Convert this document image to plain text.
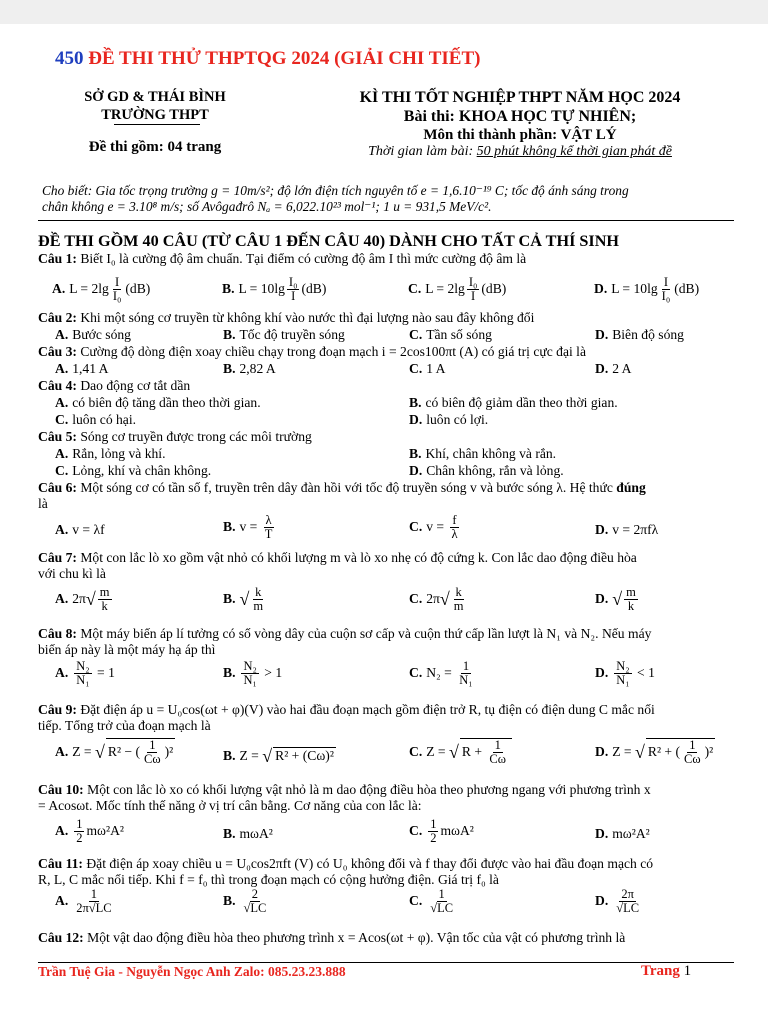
450 ĐỀ THI THỬ THPTQG 2024 (GIẢI CHI TIẾT)
SỞ GD & THÁI BÌNH
TRƯỜNG THPT
Đề thi gồm: 04 trang
KÌ THI TỐT NGHIỆP THPT NĂM HỌC 2024
Bài thi: KHOA HỌC TỰ NHIÊN;
Môn thi thành phần: VẬT LÝ
Thời gian làm bài: 50 phút không kể thời gian phát đề
Cho biết: Gia tốc trọng trường g = 10m/s²; độ lớn điện tích nguyên tố e = 1,6.10⁻¹⁹ C; tốc độ ánh sáng trong
chân không e = 3.10⁸ m/s; số Avôgađrô Nₐ = 6,022.10²³ mol⁻¹; 1 u = 931,5 MeV/c².
ĐỀ THI GỒM 40 CÂU (TỪ CÂU 1 ĐẾN CÂU 40) DÀNH CHO TẤT CẢ THÍ SINH
Câu 1: Biết I₀ là cường độ âm chuẩn. Tại điểm có cường độ âm I thì mức cường độ âm là
A. $L = 2\lg \frac{I}{\text{I₀}} (dB)$	B. $L = 10\lg \frac{\text{I₀}}{I} (dB)$	C. $L = 2\lg \frac{\text{I₀}}{I} (dB)$	D. $L = 10\lg \frac{I}{\text{I₀}} (dB)$
Câu 2: Khi một sóng cơ truyền từ không khí vào nước thì đại lượng nào sau đây không đổi
A. Bước sóng	B. Tốc độ truyền sóng	C. Tần số sóng	D. Biên độ sóng
Câu 3: Cường độ dòng điện xoay chiều chạy trong đoạn mạch i = 2cos100πt (A) có giá trị cực đại là
A. 1,41 A	B. 2,82 A	C. 1 A	D. 2 A
Câu 4: Dao động cơ tắt dần
A. có biên độ tăng dần theo thời gian.	B. có biên độ giảm dần theo thời gian.
C. luôn có hại.	D. luôn có lợi.
Câu 5: Sóng cơ truyền được trong các môi trường
A. Rắn, lỏng và khí.	B. Khí, chân không và rắn.
C. Lỏng, khí và chân không.	D. Chân không, rắn và lỏng.
Câu 6: Một sóng cơ có tần số f, truyền trên dây đàn hồi với tốc độ truyền sóng v và bước sóng λ. Hệ thức đúng
là
A. v = λf	B. $v = \frac{\lambda}{T}$	C. $v = \frac{f}{\lambda}$	D. v = 2πfλ
Câu 7: Một con lắc lò xo gồm vật nhỏ có khối lượng m và lò xo nhẹ có độ cứng k. Con lắc dao động điều hòa
với chu kì là
A. $2\pi√ \frac{m}{k}$	B. √ $\frac{k}{m}$	C. $2\pi√ \frac{k}{m}$	D. √ $\frac{m}{k}$
Câu 8: Một máy biến áp lí tưởng có số vòng dây của cuộn sơ cấp và cuộn thứ cấp lần lượt là N₁ và N₂. Nếu máy
biến áp này là một máy hạ áp thì
A. $\frac{\text{N₂}}{\text{N₁}} = 1$	B. $\frac{\text{N₂}}{\text{N₁}} > 1$	C. $N_2 = \frac{1}{\text{N₁}}$	D. $\frac{\text{N₂}}{\text{N₁}} < 1$
Câu 9: Đặt điện áp u = U₀cos(ωt + φ)(V) vào hai đầu đoạn mạch gồm điện trở R, tụ điện có điện dung C mắc nối
tiếp. Tổng trở của đoạn mạch là
A. Z = √ R² − ( $\frac{1}{C\omega} )^2$	B. Z = √ R² + (Cω)²	C. Z = √ $R + \frac{1}{C\omega}$	D. Z = √ R² + ( $\frac{1}{C\omega} )^2$
Câu 10: Một con lắc lò xo có khối lượng vật nhỏ là m dao động điều hòa theo phương ngang với phương trình x
= Acosωt. Mốc tính thế năng ở vị trí cân bằng. Cơ năng của con lắc là:
A. $\frac{1}{2} m\omega^2A^2$	B. mωA²	C. $\frac{1}{2} m\omega A^2$	D. mω²A²
Câu 11: Đặt điện áp xoay chiều u = U₀cos2πft (V) có U₀ không đổi và f thay đổi được vào hai đầu đoạn mạch có
R, L, C mắc nối tiếp. Khi f = f₀ thì trong đoạn mạch có cộng hưởng điện. Giá trị f₀ là
A. $\frac{1}{2\pi√LC}$	B. $\frac{2}{√LC}$	C. $\frac{1}{√LC}$	D. $\frac{2\pi}{√LC}$
Câu 12: Một vật dao động điều hòa theo phương trình x = Acos(ωt + φ). Vận tốc của vật có phương trình là
Trần Tuệ Gia - Nguyễn Ngọc Anh Zalo: 085.23.23.888	Trang 1
